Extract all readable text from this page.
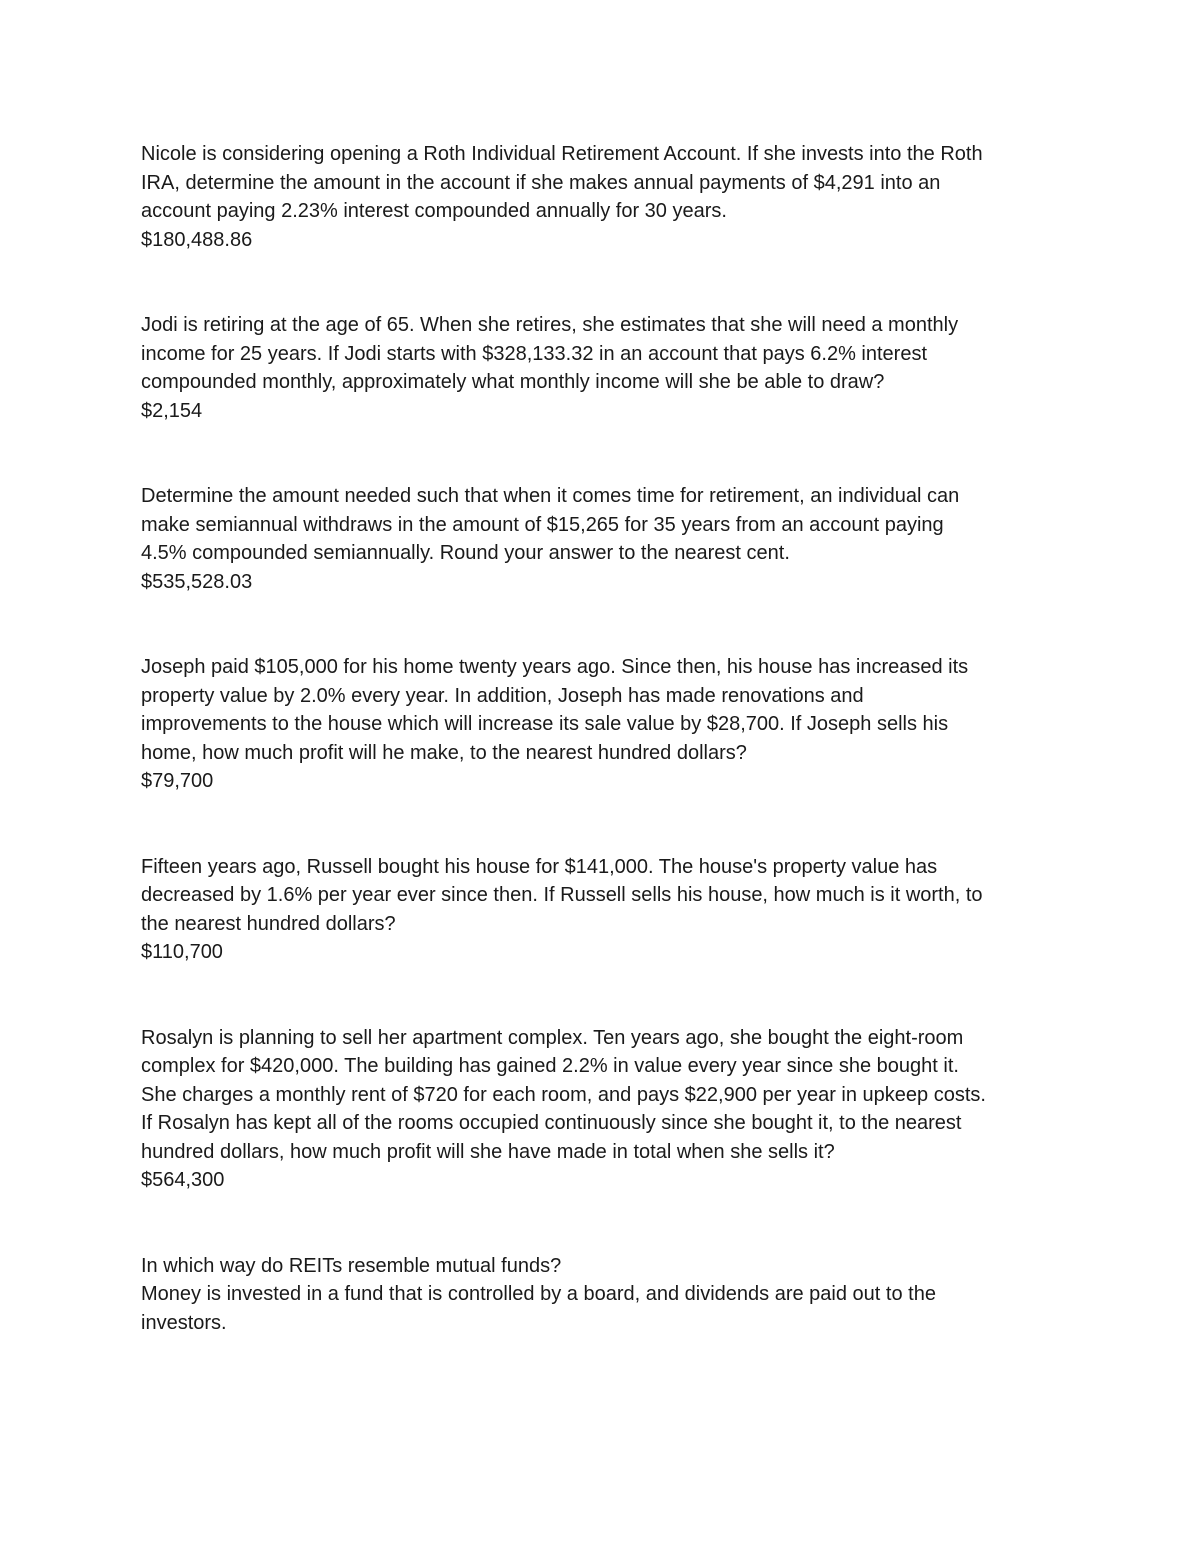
Nicole is considering opening a Roth Individual Retirement Account. If she invests into the Roth
IRA, determine the amount in the account if she makes annual payments of $4,291 into an
account paying 2.23% interest compounded annually for 30 years.
$180,488.86
Jodi is retiring at the age of 65. When she retires, she estimates that she will need a monthly
income for 25 years. If Jodi starts with $328,133.32 in an account that pays 6.2% interest
compounded monthly, approximately what monthly income will she be able to draw?
$2,154
Determine the amount needed such that when it comes time for retirement, an individual can
make semiannual withdraws in the amount of $15,265 for 35 years from an account paying
4.5% compounded semiannually. Round your answer to the nearest cent.
$535,528.03
Joseph paid $105,000 for his home twenty years ago. Since then, his house has increased its
property value by 2.0% every year. In addition, Joseph has made renovations and
improvements to the house which will increase its sale value by $28,700. If Joseph sells his
home, how much profit will he make, to the nearest hundred dollars?
$79,700
Fifteen years ago, Russell bought his house for $141,000. The house's property value has
decreased by 1.6% per year ever since then. If Russell sells his house, how much is it worth, to
the nearest hundred dollars?
$110,700
Rosalyn is planning to sell her apartment complex. Ten years ago, she bought the eight-room
complex for $420,000. The building has gained 2.2% in value every year since she bought it.
She charges a monthly rent of $720 for each room, and pays $22,900 per year in upkeep costs.
If Rosalyn has kept all of the rooms occupied continuously since she bought it, to the nearest
hundred dollars, how much profit will she have made in total when she sells it?
$564,300
In which way do REITs resemble mutual funds?
Money is invested in a fund that is controlled by a board, and dividends are paid out to the
investors.
